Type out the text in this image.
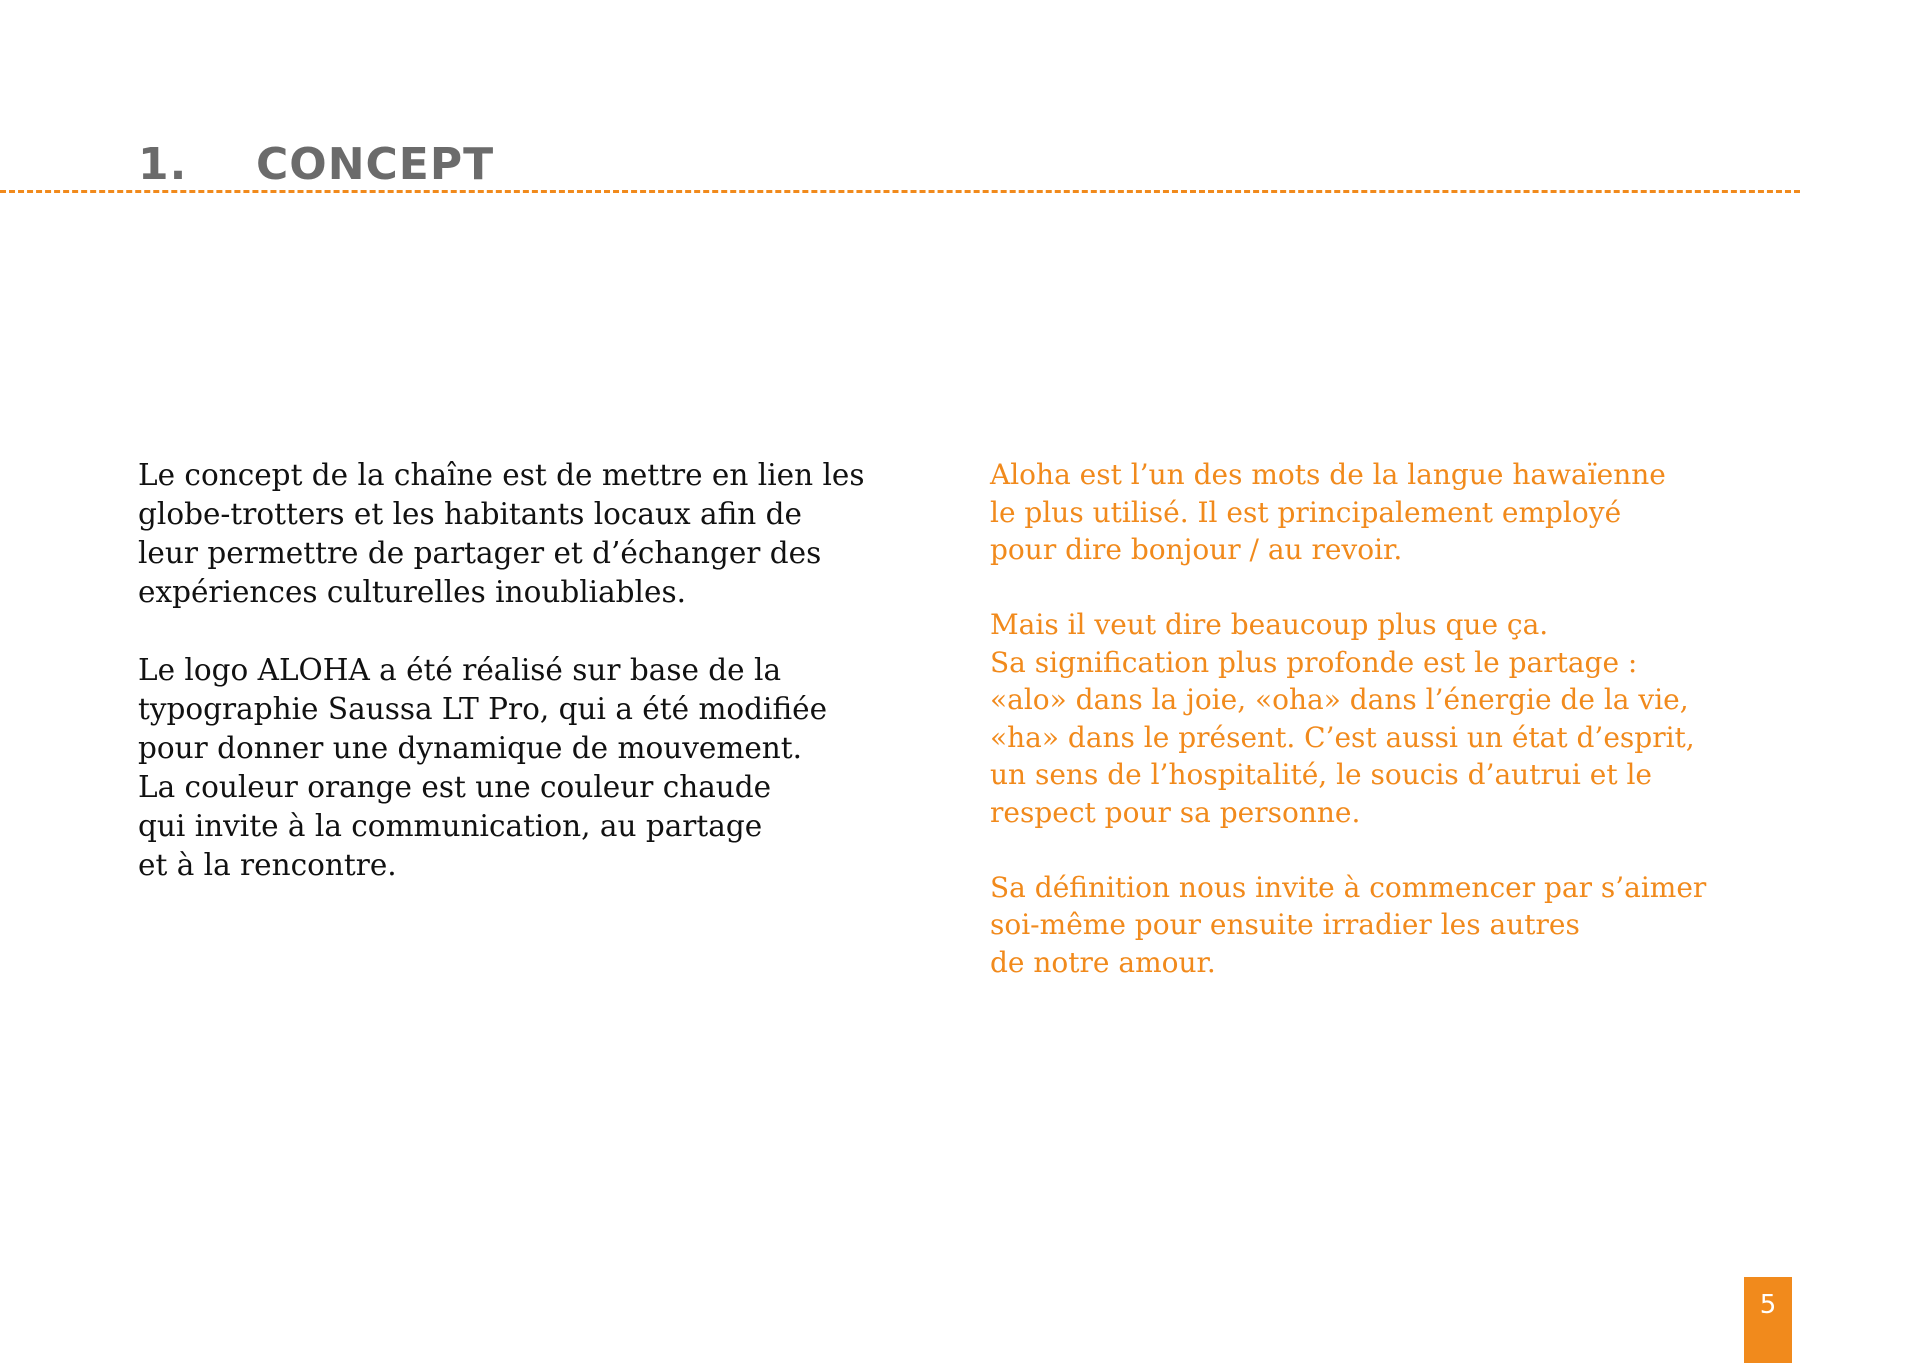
1.	CONCEPT

Le concept de la chaîne est de mettre en lien les
globe-trotters et les habitants locaux afin de
leur permettre de partager et d’échanger des
expériences culturelles inoubliables.

Le logo ALOHA a été réalisé sur base de la
typographie Saussa LT Pro, qui a été modifiée
pour donner une dynamique de mouvement.
La couleur orange est une couleur chaude
qui invite à la communication, au partage
et à la rencontre.

Aloha est l’un des mots de la langue hawaïenne
le plus utilisé. Il est principalement employé
pour dire bonjour / au revoir.

Mais il veut dire beaucoup plus que ça.
Sa signification plus profonde est le partage :
«alo» dans la joie, «oha» dans l’énergie de la vie,
«ha» dans le présent. C’est aussi un état d’esprit,
un sens de l’hospitalité, le soucis d’autrui et le
respect pour sa personne.

Sa définition nous invite à commencer par s’aimer
soi-même pour ensuite irradier les autres
de notre amour.

5
